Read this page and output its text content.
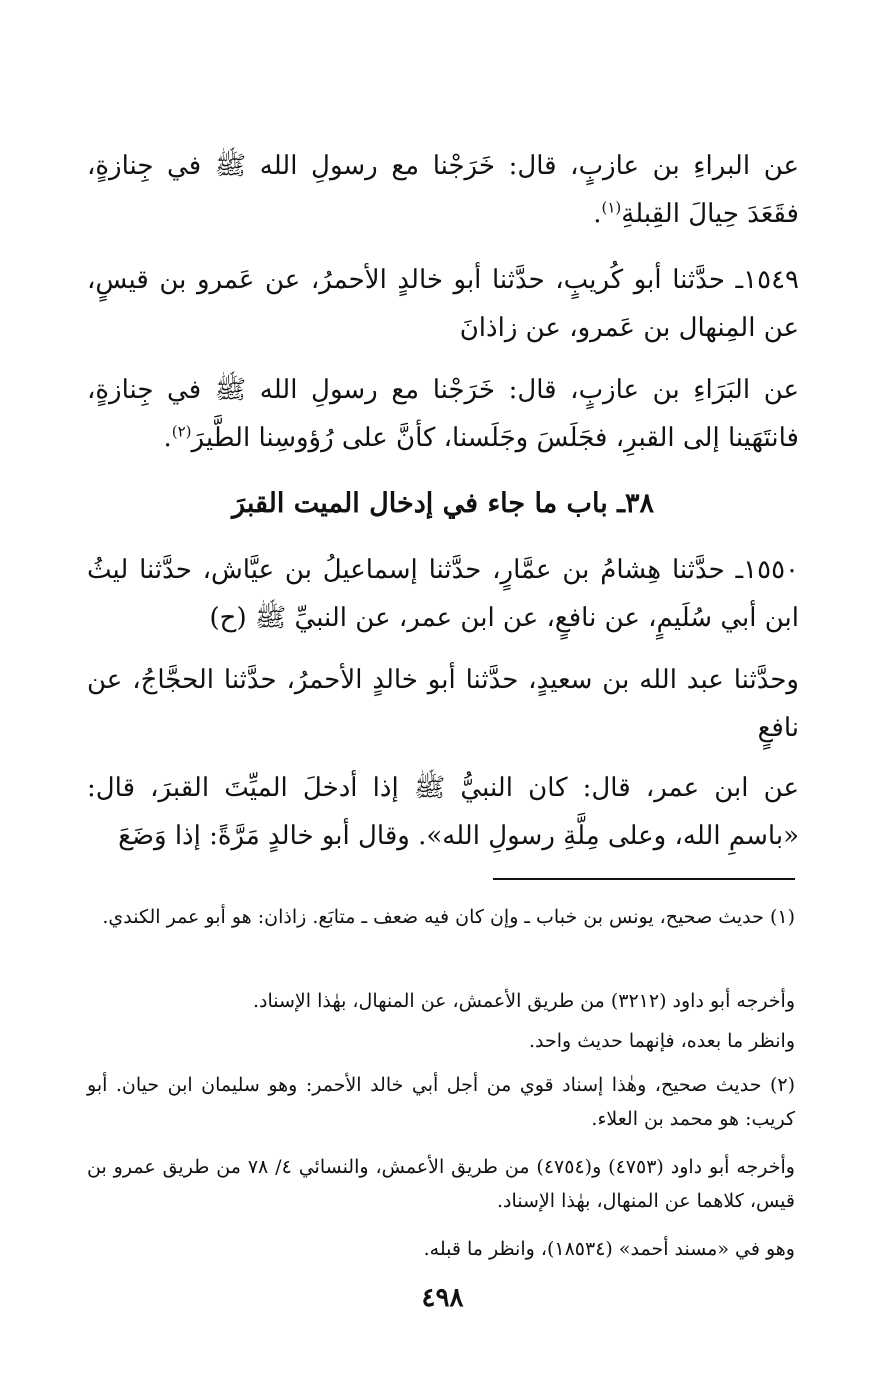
عن البراءِ بن عازبٍ، قال: خَرَجْنا مع رسولِ الله ﷺ في جِنازةٍ، فقَعَدَ حِيالَ القِبلةِ$^{(١)}$.

١٥٤٩ـ حدَّثنا أبو كُريبٍ، حدَّثنا أبو خالدٍ الأحمرُ، عن عَمرو بن قيسٍ، عن المِنهال بن عَمرو، عن زاذانَ

عن البَرَاءِ بن عازبٍ، قال: خَرَجْنا مع رسولِ الله ﷺ في جِنازةٍ، فانتَهَينا إلى القبرِ، فجَلَسَ وجَلَسنا، كأنَّ على رُؤوسِنا الطَّيرَ$^{(٢)}$.

٣٨ـ باب ما جاء في إدخال الميت القبرَ

١٥٥٠ـ حدَّثنا هِشامُ بن عمَّارٍ، حدَّثنا إسماعيلُ بن عيَّاش، حدَّثنا ليثُ ابن أبي سُلَيمٍ، عن نافعٍ، عن ابن عمر، عن النبيِّ ﷺ (ح)

وحدَّثنا عبد الله بن سعيدٍ، حدَّثنا أبو خالدٍ الأحمرُ، حدَّثنا الحجَّاجُ، عن نافعٍ

عن ابن عمر، قال: كان النبيُّ ﷺ إذا أدخلَ الميِّتَ القبرَ، قال: «باسمِ الله، وعلى مِلَّةِ رسولِ الله». وقال أبو خالدٍ مَرَّةً: إذا وَضَعَ

(١) حديث صحيح، يونس بن خباب ـ وإن كان فيه ضعف ـ متابَع. زاذان: هو أبو عمر الكندي.

وأخرجه أبو داود (٣٢١٢) من طريق الأعمش، عن المنهال، بهٰذا الإسناد.

وانظر ما بعده، فإنهما حديث واحد.

(٢) حديث صحيح، وهٰذا إسناد قوي من أجل أبي خالد الأحمر: وهو سليمان ابن حيان. أبو كريب: هو محمد بن العلاء.

وأخرجه أبو داود (٤٧٥٣) و(٤٧٥٤) من طريق الأعمش، والنسائي ٤/ ٧٨ من طريق عمرو بن قيس، كلاهما عن المنهال، بهٰذا الإسناد.

وهو في «مسند أحمد» (١٨٥٣٤)، وانظر ما قبله.

٤٩٨
